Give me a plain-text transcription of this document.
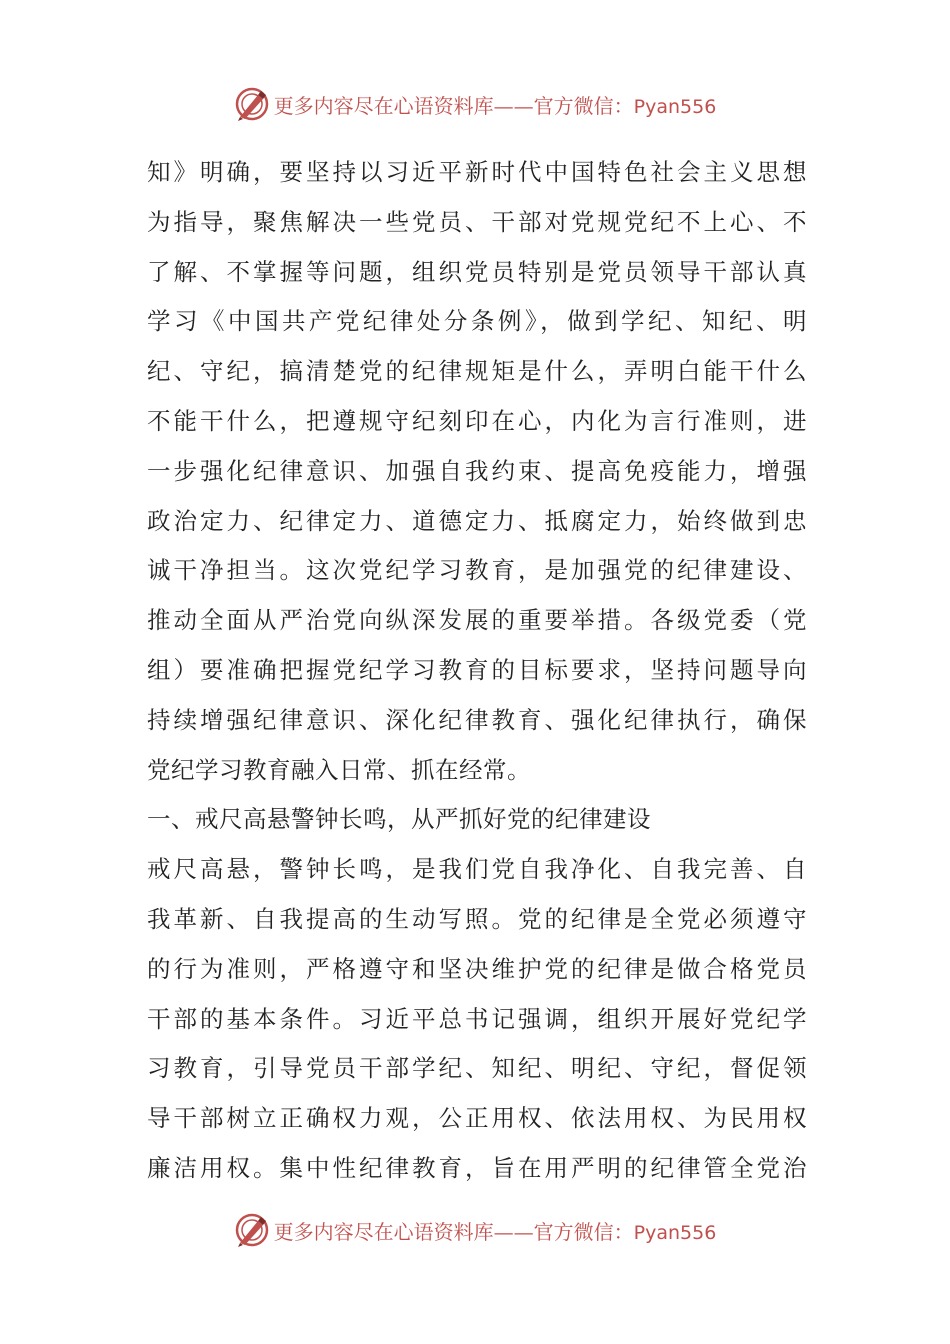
更多内容尽在心语资料库——官方微信：Pyan556
知》明确，要坚持以习近平新时代中国特色社会主义思想
为指导，聚焦解决一些党员、干部对党规党纪不上心、不
了解、不掌握等问题，组织党员特别是党员领导干部认真
学习《中国共产党纪律处分条例》，做到学纪、知纪、明
纪、守纪，搞清楚党的纪律规矩是什么，弄明白能干什么
不能干什么，把遵规守纪刻印在心，内化为言行准则，进
一步强化纪律意识、加强自我约束、提高免疫能力，增强
政治定力、纪律定力、道德定力、抵腐定力，始终做到忠
诚干净担当。这次党纪学习教育，是加强党的纪律建设、
推动全面从严治党向纵深发展的重要举措。各级党委（党
组）要准确把握党纪学习教育的目标要求，坚持问题导向
持续增强纪律意识、深化纪律教育、强化纪律执行，确保
党纪学习教育融入日常、抓在经常。
一、戒尺高悬警钟长鸣，从严抓好党的纪律建设
戒尺高悬，警钟长鸣，是我们党自我净化、自我完善、自
我革新、自我提高的生动写照。党的纪律是全党必须遵守
的行为准则，严格遵守和坚决维护党的纪律是做合格党员
干部的基本条件。习近平总书记强调，组织开展好党纪学
习教育，引导党员干部学纪、知纪、明纪、守纪，督促领
导干部树立正确权力观，公正用权、依法用权、为民用权
廉洁用权。集中性纪律教育，旨在用严明的纪律管全党治
更多内容尽在心语资料库——官方微信：Pyan556
